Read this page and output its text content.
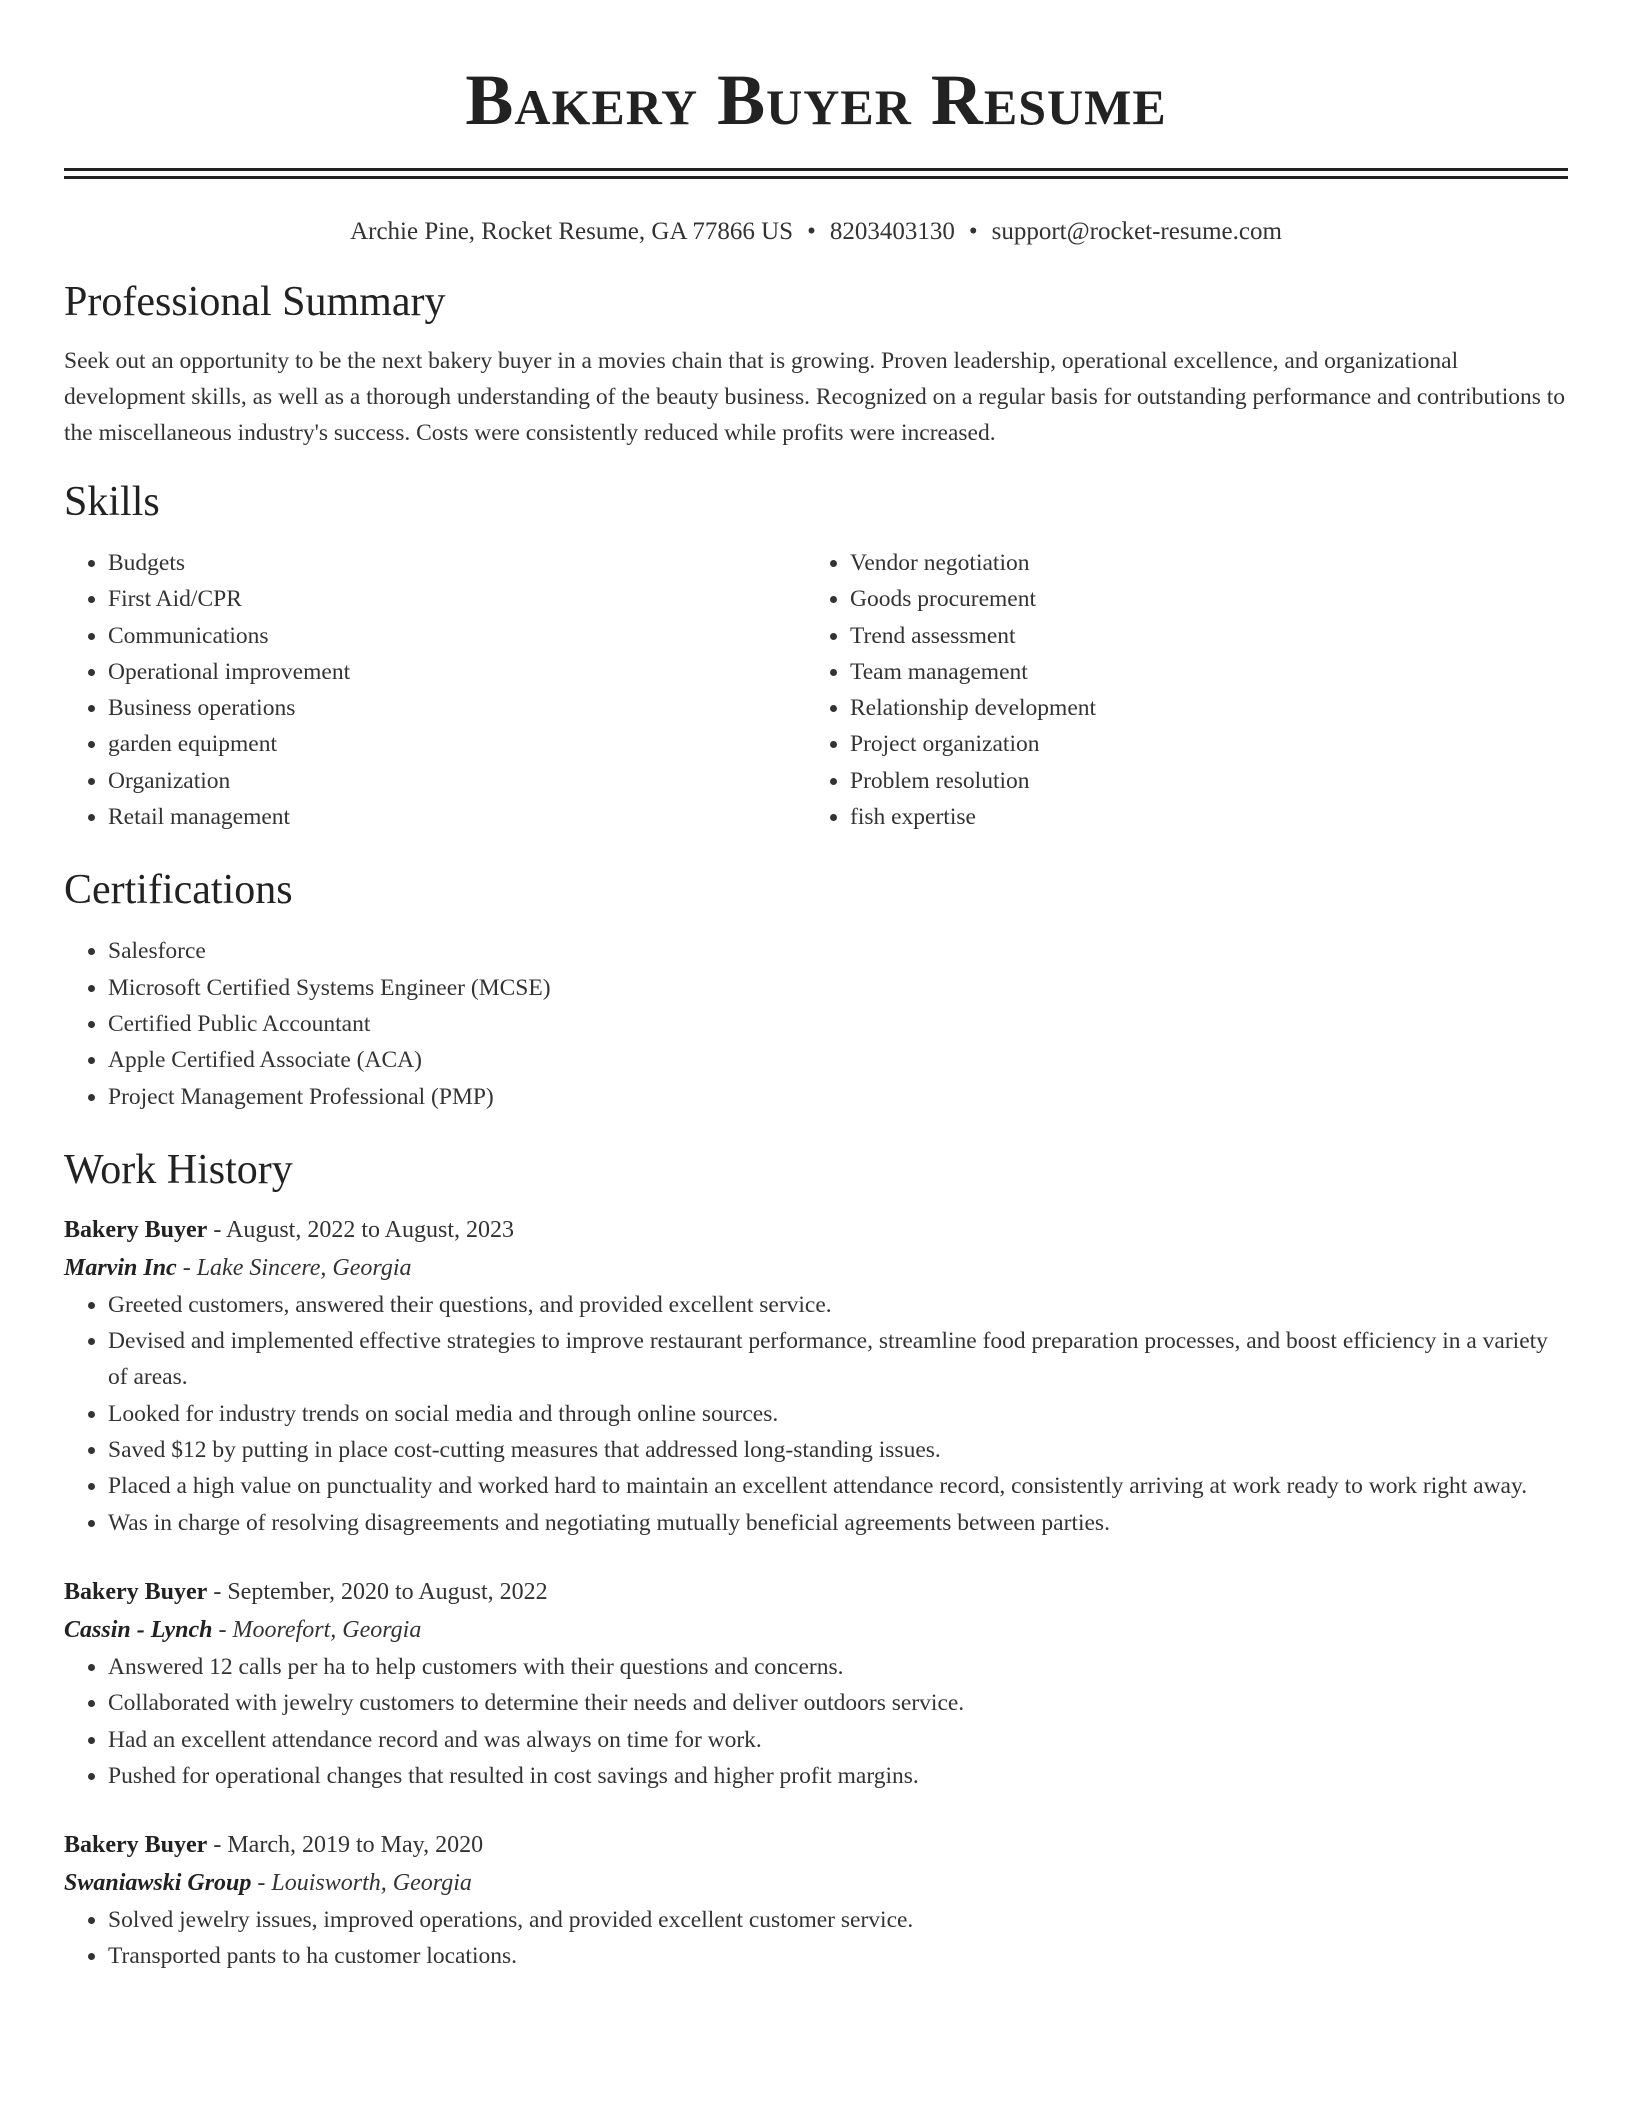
Bakery Buyer Resume
Archie Pine, Rocket Resume, GA 77866 US • 8203403130 • support@rocket-resume.com
Professional Summary

Seek out an opportunity to be the next bakery buyer in a movies chain that is growing. Proven leadership, operational excellence, and organizational development skills, as well as a thorough understanding of the beauty business. Recognized on a regular basis for outstanding performance and contributions to the miscellaneous industry's success. Costs were consistently reduced while profits were increased.

Skills
• Budgets
• First Aid/CPR
• Communications
• Operational improvement
• Business operations
• garden equipment
• Organization
• Retail management
• Vendor negotiation
• Goods procurement
• Trend assessment
• Team management
• Relationship development
• Project organization
• Problem resolution
• fish expertise
Certifications
• Salesforce
• Microsoft Certified Systems Engineer (MCSE)
• Certified Public Accountant
• Apple Certified Associate (ACA)
• Project Management Professional (PMP)
Work History
Bakery Buyer - August, 2022 to August, 2023
Marvin Inc - Lake Sincere, Georgia
• Greeted customers, answered their questions, and provided excellent service.
• Devised and implemented effective strategies to improve restaurant performance, streamline food preparation processes, and boost efficiency in a variety of areas.
• Looked for industry trends on social media and through online sources.
• Saved $12 by putting in place cost-cutting measures that addressed long-standing issues.
• Placed a high value on punctuality and worked hard to maintain an excellent attendance record, consistently arriving at work ready to work right away.
• Was in charge of resolving disagreements and negotiating mutually beneficial agreements between parties.
Bakery Buyer - September, 2020 to August, 2022
Cassin - Lynch - Moorefort, Georgia
• Answered 12 calls per ha to help customers with their questions and concerns.
• Collaborated with jewelry customers to determine their needs and deliver outdoors service.
• Had an excellent attendance record and was always on time for work.
• Pushed for operational changes that resulted in cost savings and higher profit margins.
Bakery Buyer - March, 2019 to May, 2020
Swaniawski Group - Louisworth, Georgia
• Solved jewelry issues, improved operations, and provided excellent customer service.
• Transported pants to ha customer locations.
